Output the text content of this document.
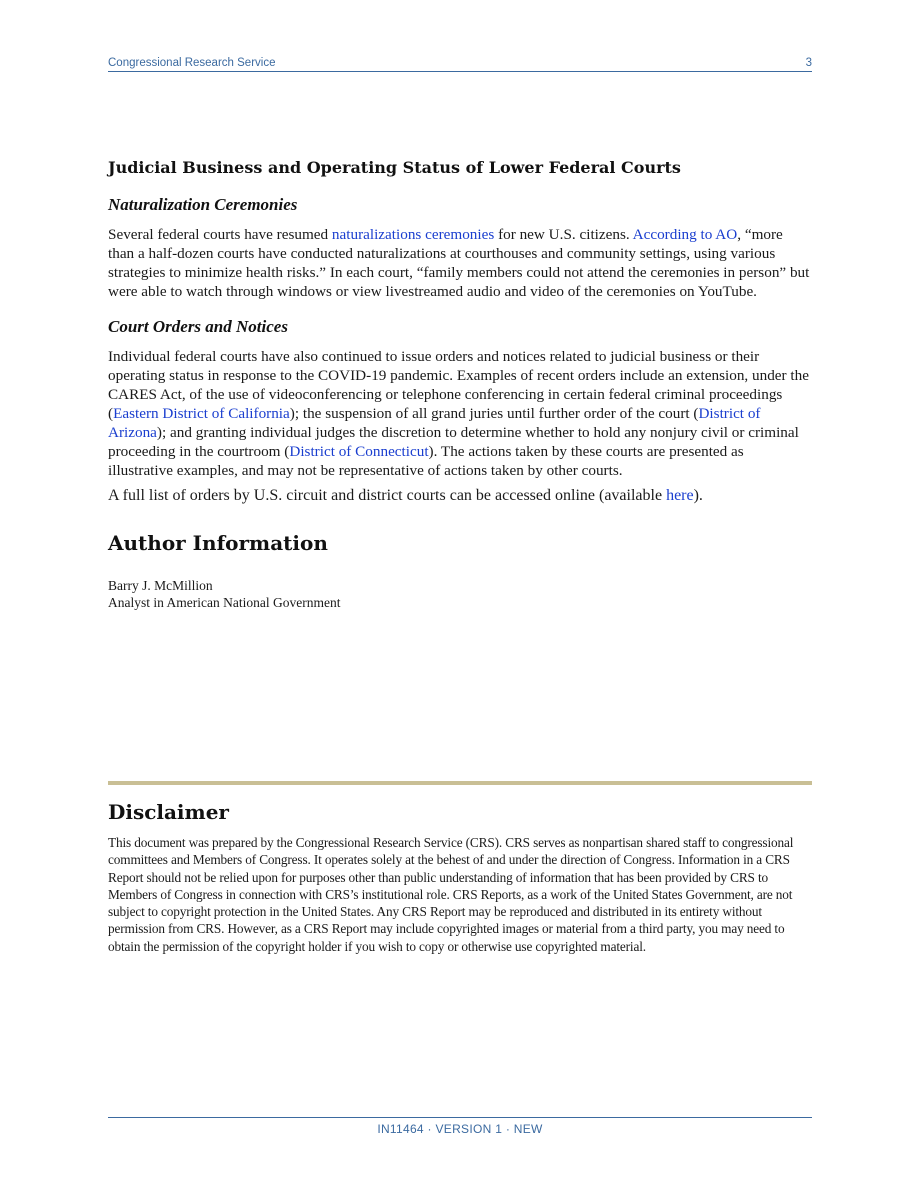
Congressional Research Service	3
Judicial Business and Operating Status of Lower Federal Courts
Naturalization Ceremonies

Several federal courts have resumed naturalizations ceremonies for new U.S. citizens. According to AO, “more than a half-dozen courts have conducted naturalizations at courthouses and community settings, using various strategies to minimize health risks.” In each court, “family members could not attend the ceremonies in person” but were able to watch through windows or view livestreamed audio and video of the ceremonies on YouTube.

Court Orders and Notices

Individual federal courts have also continued to issue orders and notices related to judicial business or their operating status in response to the COVID-19 pandemic. Examples of recent orders include an extension, under the CARES Act, of the use of videoconferencing or telephone conferencing in certain federal criminal proceedings (Eastern District of California); the suspension of all grand juries until further order of the court (District of Arizona); and granting individual judges the discretion to determine whether to hold any nonjury civil or criminal proceeding in the courtroom (District of Connecticut). The actions taken by these courts are presented as illustrative examples, and may not be representative of actions taken by other courts.

A full list of orders by U.S. circuit and district courts can be accessed online (available here).

Author Information

Barry J. McMillion

Analyst in American National Government

Disclaimer

This document was prepared by the Congressional Research Service (CRS). CRS serves as nonpartisan shared staff to congressional committees and Members of Congress. It operates solely at the behest of and under the direction of Congress. Information in a CRS Report should not be relied upon for purposes other than public understanding of information that has been provided by CRS to Members of Congress in connection with CRS’s institutional role. CRS Reports, as a work of the United States Government, are not subject to copyright protection in the United States. Any CRS Report may be reproduced and distributed in its entirety without permission from CRS. However, as a CRS Report may include copyrighted images or material from a third party, you may need to obtain the permission of the copyright holder if you wish to copy or otherwise use copyrighted material.

IN11464 · VERSION 1 · NEW
